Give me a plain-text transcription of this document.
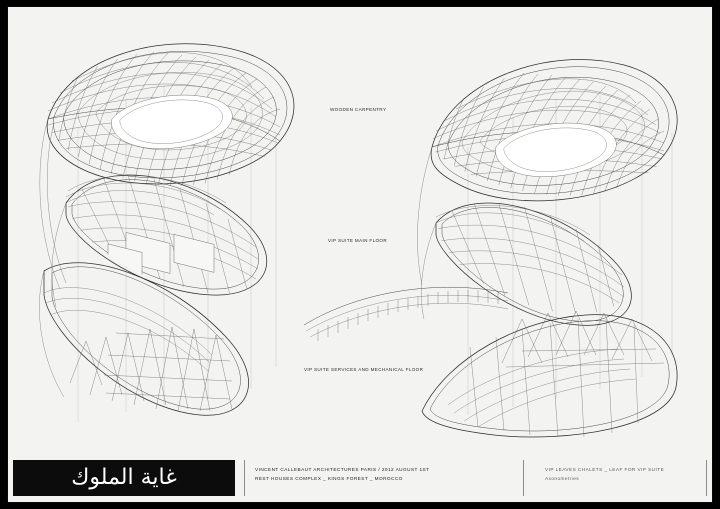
WOODEN CARPENTRY
VIP SUITE MAIN FLOOR
VIP SUITE SERVICES AND MECHANICAL FLOOR
غاية الملوك	VINCENT CALLEBAUT ARCHITECTURES PARIS / 2012 AUGUST 1ST
REST HOUSES COMPLEX _ KINGS FOREST _ MOROCCO
VIP LEAVES CHALETS _ LEAF FOR VIP SUITE
Axonometries
